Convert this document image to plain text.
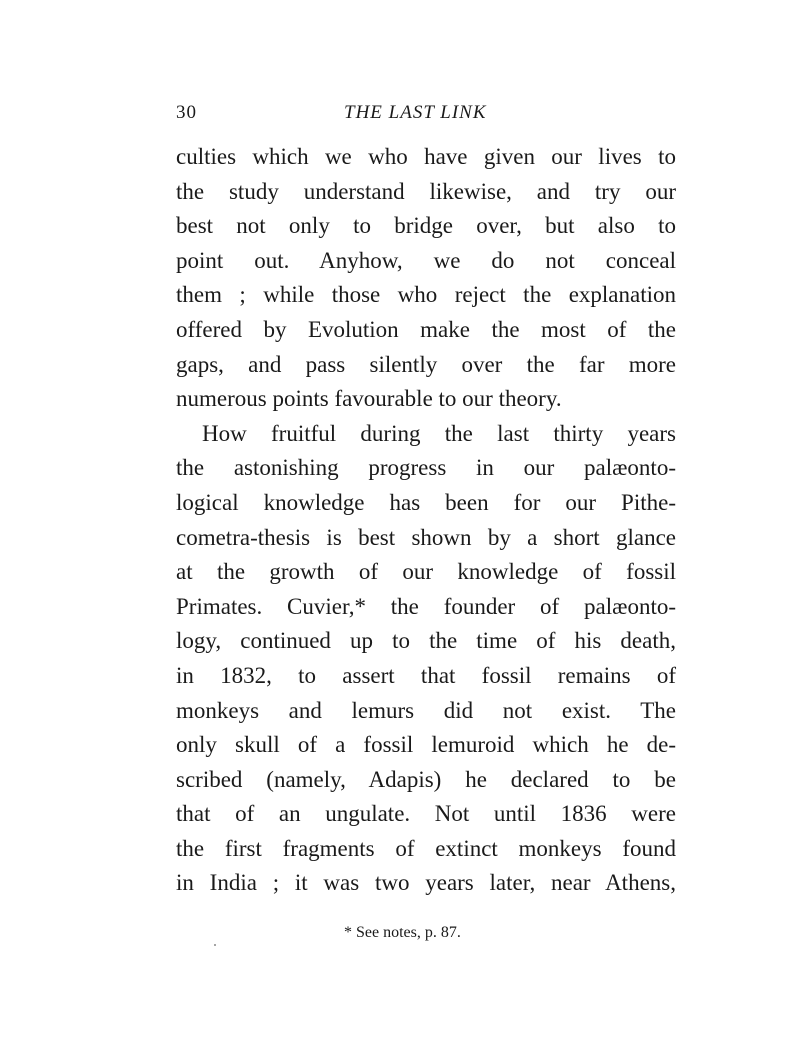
30	THE LAST LINK
culties which we who have given our lives to
the study understand likewise, and try our
best not only to bridge over, but also to
point out. Anyhow, we do not conceal
them ; while those who reject the explanation
offered by Evolution make the most of the
gaps, and pass silently over the far more
numerous points favourable to our theory.
How fruitful during the last thirty years
the astonishing progress in our palæonto-
logical knowledge has been for our Pithe-
cometra-thesis is best shown by a short glance
at the growth of our knowledge of fossil
Primates. Cuvier,* the founder of palæonto-
logy, continued up to the time of his death,
in 1832, to assert that fossil remains of
monkeys and lemurs did not exist. The
only skull of a fossil lemuroid which he de-
scribed (namely, Adapis) he declared to be
that of an ungulate. Not until 1836 were
the first fragments of extinct monkeys found
in India ; it was two years later, near Athens,
* See notes, p. 87.
